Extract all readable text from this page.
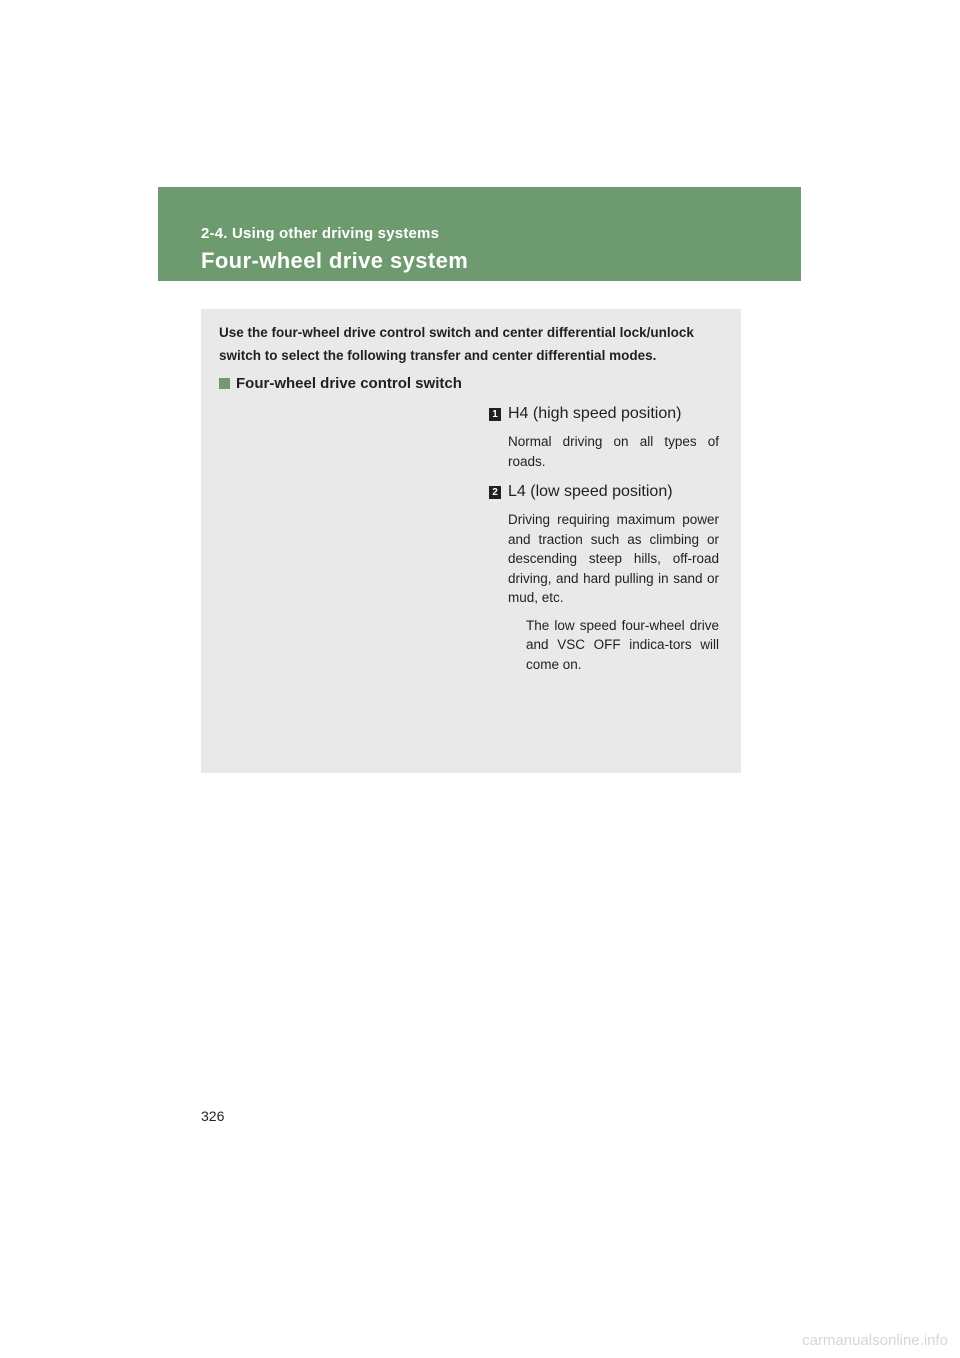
2-4. Using other driving systems
Four-wheel drive system
Use the four-wheel drive control switch and center differential lock/unlock switch to select the following transfer and center differential modes.
Four-wheel drive control switch
1 H4 (high speed position)
Normal driving on all types of roads.
2 L4 (low speed position)
Driving requiring maximum power and traction such as climbing or descending steep hills, off-road driving, and hard pulling in sand or mud, etc.
The low speed four-wheel drive and VSC OFF indica-tors will come on.
326
carmanualsonline.info
